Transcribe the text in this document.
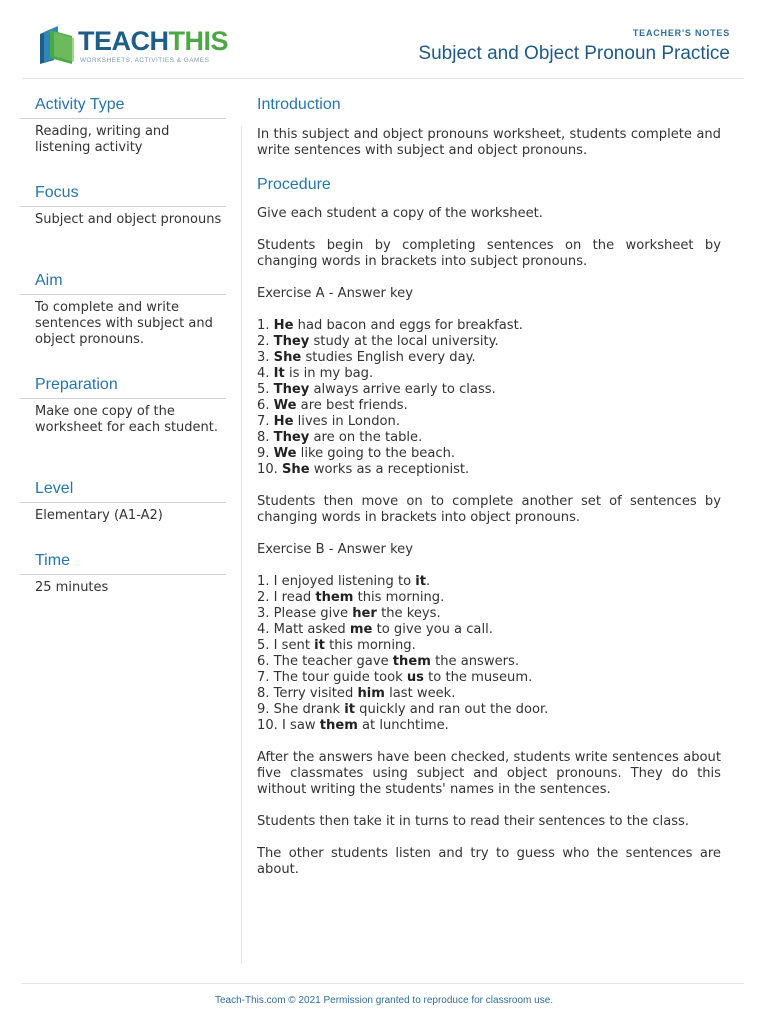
TEACHTHIS
WORKSHEETS, ACTIVITIES & GAMES
TEACHER'S NOTES
Subject and Object Pronoun Practice
Activity Type
Reading, writing and listening activity
Focus
Subject and object pronouns
Aim
To complete and write sentences with subject and object pronouns.
Preparation
Make one copy of the worksheet for each student.
Level
Elementary (A1-A2)
Time
25 minutes
Introduction

In this subject and object pronouns worksheet, students complete and write sentences with subject and object pronouns.

Procedure

Give each student a copy of the worksheet.

Students begin by completing sentences on the worksheet by changing words in brackets into subject pronouns.

Exercise A - Answer key

1. He had bacon and eggs for breakfast.
2. They study at the local university.
3. She studies English every day.
4. It is in my bag.
5. They always arrive early to class.
6. We are best friends.
7. He lives in London.
8. They are on the table.
9. We like going to the beach.
10. She works as a receptionist.

Students then move on to complete another set of sentences by changing words in brackets into object pronouns.

Exercise B - Answer key

1. I enjoyed listening to it.
2. I read them this morning.
3. Please give her the keys.
4. Matt asked me to give you a call.
5. I sent it this morning.
6. The teacher gave them the answers.
7. The tour guide took us to the museum.
8. Terry visited him last week.
9. She drank it quickly and ran out the door.
10. I saw them at lunchtime.

After the answers have been checked, students write sentences about five classmates using subject and object pronouns. They do this without writing the students' names in the sentences.

Students then take it in turns to read their sentences to the class.

The other students listen and try to guess who the sentences are about.

Teach-This.com © 2021 Permission granted to reproduce for classroom use.
